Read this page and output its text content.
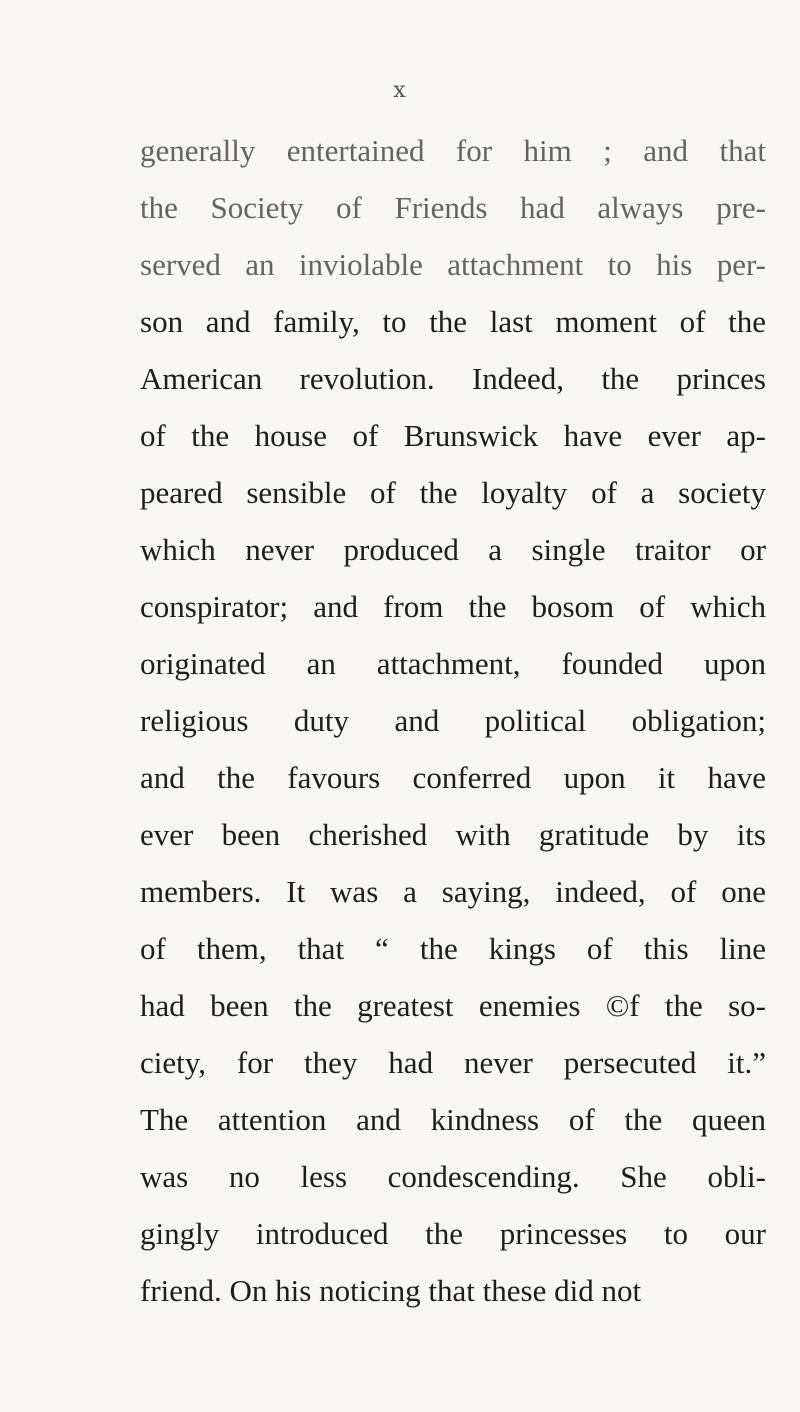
x
generally entertained for him ; and that
the Society of Friends had always pre-
served an inviolable attachment to his per-
son and family, to the last moment of the
American revolution. Indeed, the princes
of the house of Brunswick have ever ap-
peared sensible of the loyalty of a society
which never produced a single traitor or
conspirator; and from the bosom of which
originated an attachment, founded upon
religious duty and political obligation;
and the favours conferred upon it have
ever been cherished with gratitude by its
members. It was a saying, indeed, of one
of them, that “ the kings of this line
had been the greatest enemies ©f the so-
ciety, for they had never persecuted it.”
The attention and kindness of the queen
was no less condescending. She obli-
gingly introduced the princesses to our
friend. On his noticing that these did not
